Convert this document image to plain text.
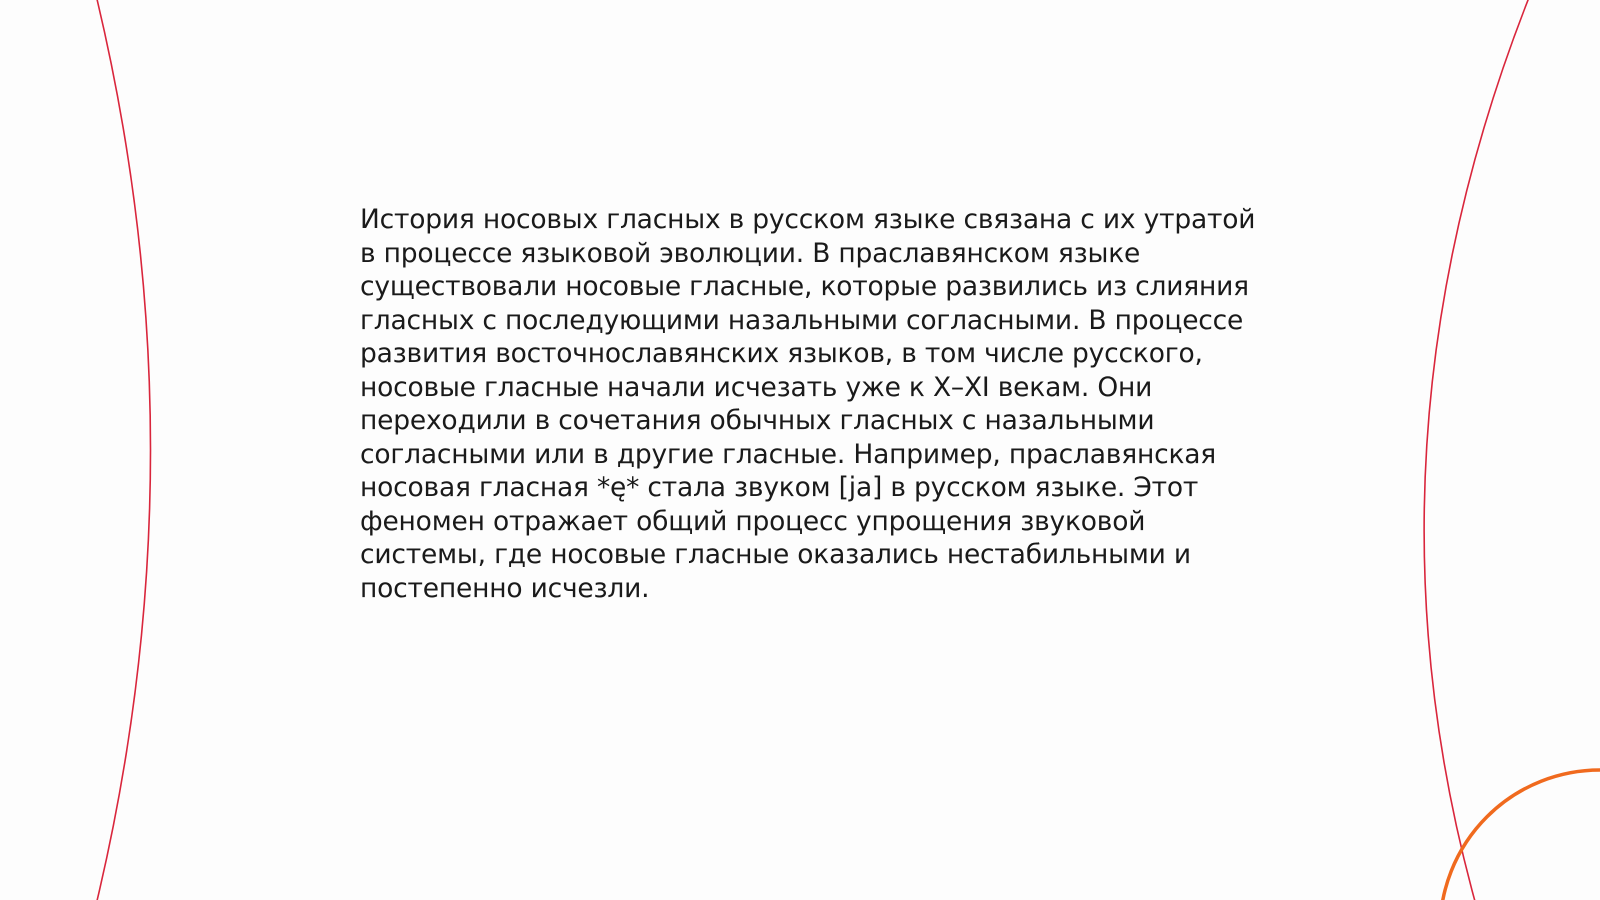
История носовых гласных в русском языке связана с их утратой
в процессе языковой эволюции. В праславянском языке
существовали носовые гласные, которые развились из слияния
гласных с последующими назальными согласными. В процессе
развития восточнославянских языков, в том числе русского,
носовые гласные начали исчезать уже к X–XI векам. Они
переходили в сочетания обычных гласных с назальными
согласными или в другие гласные. Например, праславянская
носовая гласная *ę* стала звуком [ja] в русском языке. Этот
феномен отражает общий процесс упрощения звуковой
системы, где носовые гласные оказались нестабильными и
постепенно исчезли.
